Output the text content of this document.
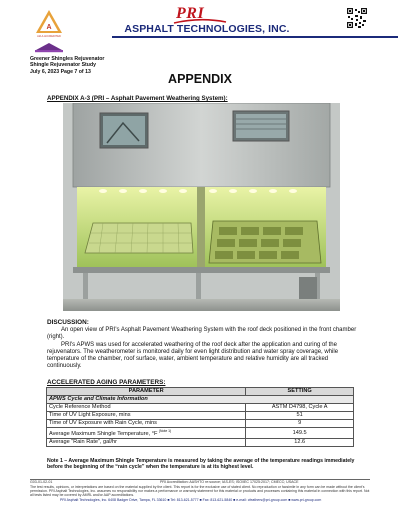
A
A2LA ACCREDITED
PRI
ASPHALT TECHNOLOGIES, INC.
Greener Shingles Rejuvenator
Shingle Rejuvenator Study
July 6, 2023 Page 7 of 13
APPENDIX
APPENDIX A-3 (PRI – Asphalt Pavement Weathering System):
DISCUSSION:

An open view of PRI's Asphalt Pavement Weathering System with the roof deck positioned in the front chamber (right).

PRI's APWS was used for accelerated weathering of the roof deck after the application and curing of the rejuvenators. The weatherometer is monitored daily for even light distribution and water spray coverage, while temperature of the chamber, roof surface, water, ambient temperature and relative humidity are all tracked continuously.

ACCELERATED AGING PARAMETERS:
PARAMETER	SETTING
APWS Cycle and Climate Information	
Cycle Reference Method	ASTM D4798, Cycle A
Time of UV Light Exposure, mins	51
Time of UV Exposure with Rain Cycle, mins	9
Average Maximum Shingle Temperature, °F $^{(Note 1)}$	149.5
Average “Rain Rate”, gal/hr	12.6
Note 1 – Average Maximum Shingle Temperature is measured by taking the average of the temperature readings immediately before the beginning of the “rain cycle” when the temperature is at its highest level.
G03-01-02-01	PRI Accreditation: AASHTO re:source; IAS-ES; ISO/IEC 17025:2017; CMECC; USACE
The test results, opinions, or interpretations are based on the material supplied by the client. This report is for the exclusive use of stated client. No reproduction or facsimile in any form can be made without the client's permission. PRI Asphalt Technologies, Inc. assumes no responsibility nor makes a performance or warranty statement for this material or products and processes containing this material in connection with this report. Not all tests listed may be covered by AMRL and/or AAP accreditations.
PRI Asphalt Technologies, Inc. 6408 Badger Drive, Tampa, FL 33610 ■ Tel: 813-621-5777 ■ Fax: 813-621-5840 ■ e-mail: cfeathers@pri-group.com ■ www.pri-group.com
